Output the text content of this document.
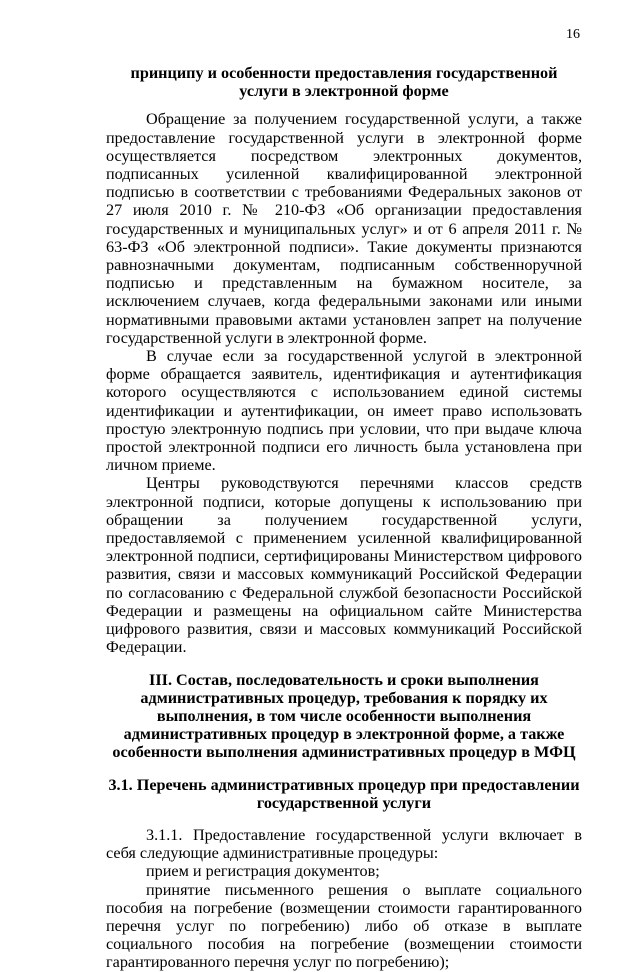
16

принципу и особенности предоставления государственной услуги в электронной форме

Обращение за получением государственной услуги, а также предоставление государственной услуги в электронной форме осуществляется посредством электронных документов, подписанных усиленной квалифицированной электронной подписью в соответствии с требованиями Федеральных законов от 27 июля 2010 г. № 210-ФЗ «Об организации предоставления государственных и муниципальных услуг» и от 6 апреля 2011 г. № 63-ФЗ «Об электронной подписи». Такие документы признаются равнозначными документам, подписанным собственноручной подписью и представленным на бумажном носителе, за исключением случаев, когда федеральными законами или иными нормативными правовыми актами установлен запрет на получение государственной услуги в электронной форме.

В случае если за государственной услугой в электронной форме обращается заявитель, идентификация и аутентификация которого осуществляются с использованием единой системы идентификации и аутентификации, он имеет право использовать простую электронную подпись при условии, что при выдаче ключа простой электронной подписи его личность была установлена при личном приеме.

Центры руководствуются перечнями классов средств электронной подписи, которые допущены к использованию при обращении за получением государственной услуги, предоставляемой с применением усиленной квалифицированной электронной подписи, сертифицированы Министерством цифрового развития, связи и массовых коммуникаций Российской Федерации по согласованию с Федеральной службой безопасности Российской Федерации и размещены на официальном сайте Министерства цифрового развития, связи и массовых коммуникаций Российской Федерации.

III. Состав, последовательность и сроки выполнения административных процедур, требования к порядку их выполнения, в том числе особенности выполнения административных процедур в электронной форме, а также особенности выполнения административных процедур в МФЦ

3.1. Перечень административных процедур при предоставлении государственной услуги

3.1.1. Предоставление государственной услуги включает в себя следующие административные процедуры:

прием и регистрация документов;

принятие письменного решения о выплате социального пособия на погребение (возмещении стоимости гарантированного перечня услуг по погребению) либо об отказе в выплате социального пособия на погребение (возмещении стоимости гарантированного перечня услуг по погребению);
